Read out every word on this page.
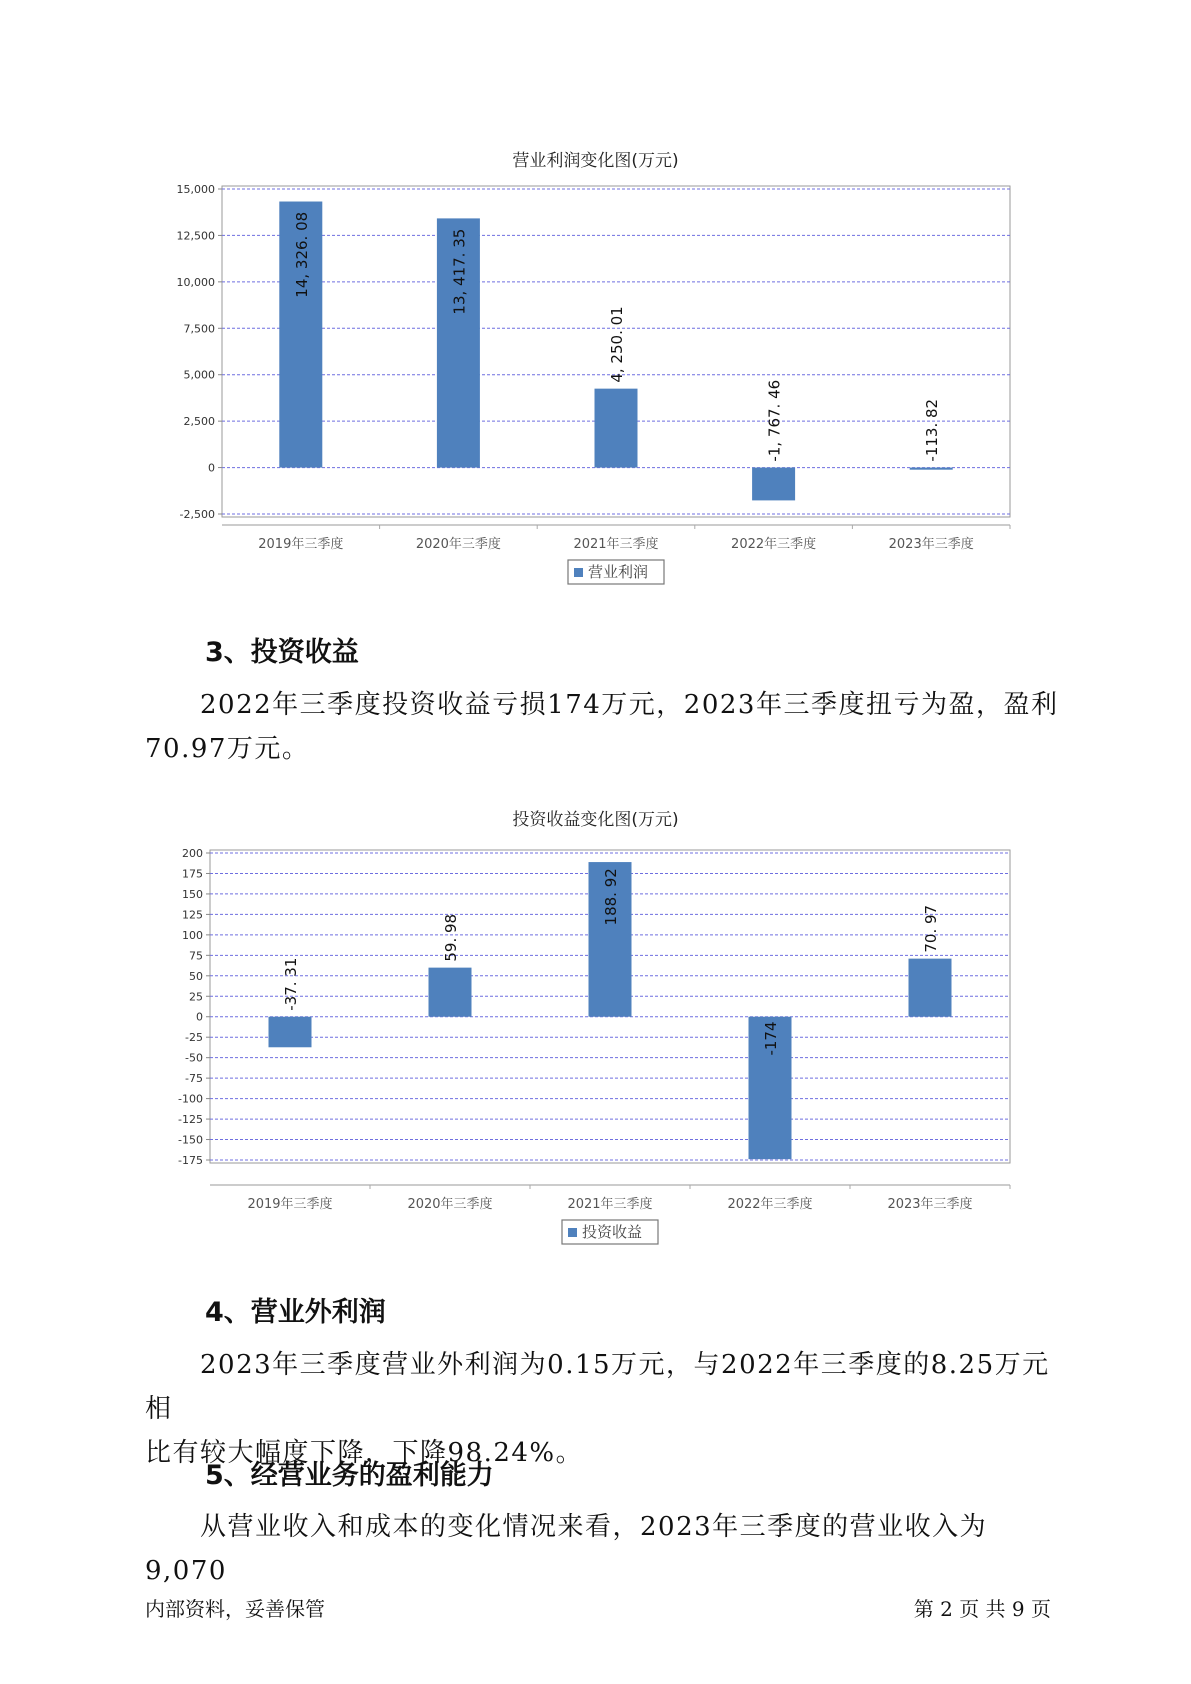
营业利润变化图(万元)
-2,500
0
2,500
5,000
7,500
10,000
12,500
15,000
14, 326. 08
2019年三季度
13, 417. 35
2020年三季度
4, 250. 01
2021年三季度
-1, 767. 46
2022年三季度
-113. 82
2023年三季度
营业利润
3、投资收益

2022年三季度投资收益亏损174万元，2023年三季度扭亏为盈，盈利
70.97万元。

投资收益变化图(万元)
-175
-150
-125
-100
-75
-50
-25
0
25
50
75
100
125
150
175
200
-37. 31
2019年三季度
59. 98
2020年三季度
188. 92
2021年三季度
-174
2022年三季度
70. 97
2023年三季度
投资收益
4、营业外利润

2023年三季度营业外利润为0.15万元，与2022年三季度的8.25万元相
比有较大幅度下降，下降98.24%。

5、经营业务的盈利能力

从营业收入和成本的变化情况来看，2023年三季度的营业收入为9,070

内部资料，妥善保管	第 2 页 共 9 页
